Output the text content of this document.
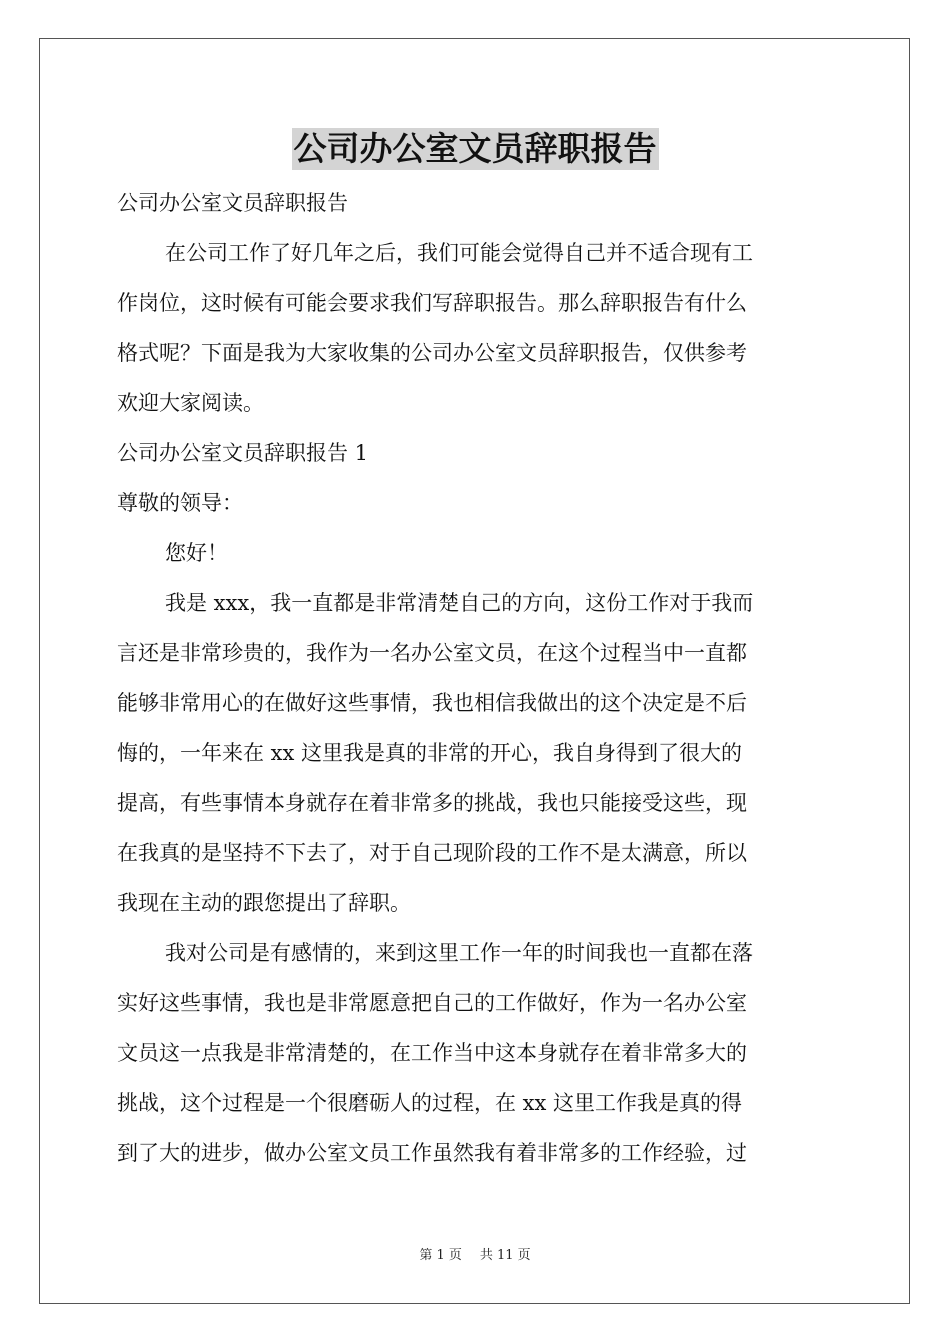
公司办公室文员辞职报告

公司办公室文员辞职报告

在公司工作了好几年之后，我们可能会觉得自己并不适合现有工

作岗位，这时候有可能会要求我们写辞职报告。那么辞职报告有什么

格式呢？下面是我为大家收集的公司办公室文员辞职报告，仅供参考

欢迎大家阅读。

公司办公室文员辞职报告 1

尊敬的领导：

您好！

我是 xxx，我一直都是非常清楚自己的方向，这份工作对于我而

言还是非常珍贵的，我作为一名办公室文员，在这个过程当中一直都

能够非常用心的在做好这些事情，我也相信我做出的这个决定是不后

悔的，一年来在 xx 这里我是真的非常的开心，我自身得到了很大的

提高，有些事情本身就存在着非常多的挑战，我也只能接受这些，现

在我真的是坚持不下去了，对于自己现阶段的工作不是太满意，所以

我现在主动的跟您提出了辞职。

我对公司是有感情的，来到这里工作一年的时间我也一直都在落

实好这些事情，我也是非常愿意把自己的工作做好，作为一名办公室

文员这一点我是非常清楚的，在工作当中这本身就存在着非常多大的

挑战，这个过程是一个很磨砺人的过程，在 xx 这里工作我是真的得

到了大的进步，做办公室文员工作虽然我有着非常多的工作经验，过

第 1 页 共 11 页
